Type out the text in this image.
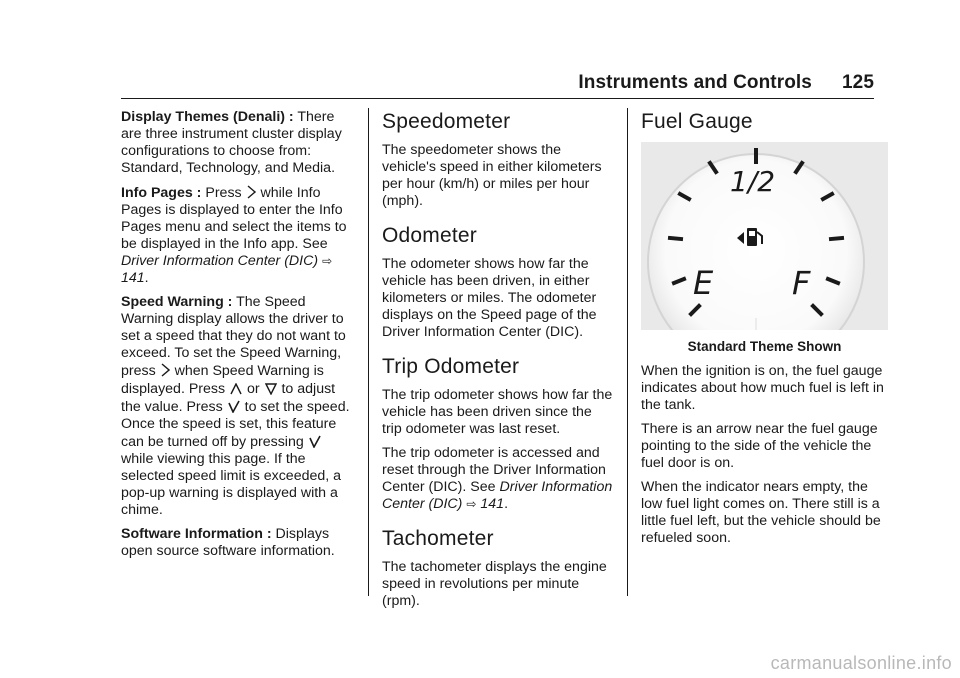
Instruments and Controls 125

Display Themes (Denali) : There are three instrument cluster display configurations to choose from: Standard, Technology, and Media.

Info Pages : Press  while Info Pages is displayed to enter the Info Pages menu and select the items to be displayed in the Info app. See Driver Information Center (DIC) ⇨ 141.

Speed Warning : The Speed Warning display allows the driver to set a speed that they do not want to exceed. To set the Speed Warning, press  when Speed Warning is displayed. Press  or  to adjust the value. Press  to set the speed. Once the speed is set, this feature can be turned off by pressing  while viewing this page. If the selected speed limit is exceeded, a pop-up warning is displayed with a chime.

Software Information : Displays open source software information.

Speedometer

The speedometer shows the vehicle's speed in either kilometers per hour (km/h) or miles per hour (mph).

Odometer

The odometer shows how far the vehicle has been driven, in either kilometers or miles. The odometer displays on the Speed page of the Driver Information Center (DIC).

Trip Odometer

The trip odometer shows how far the vehicle has been driven since the trip odometer was last reset.

The trip odometer is accessed and reset through the Driver Information Center (DIC). See Driver Information Center (DIC) ⇨ 141.

Tachometer

The tachometer displays the engine speed in revolutions per minute (rpm).

Fuel Gauge
1/2
E F
Standard Theme Shown

When the ignition is on, the fuel gauge indicates about how much fuel is left in the tank.

There is an arrow near the fuel gauge pointing to the side of the vehicle the fuel door is on.

When the indicator nears empty, the low fuel light comes on. There still is a little fuel left, but the vehicle should be refueled soon.

carmanualsonline.info
